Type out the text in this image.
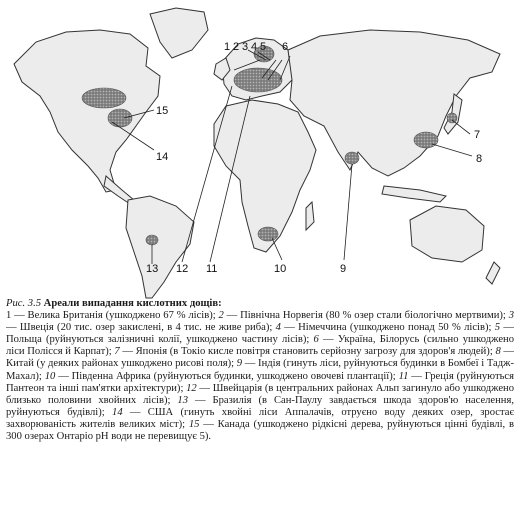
1 2 3 4 5 6
7
8
9
10
11
12
13
14
15
Рис. 3.5 Ареали випадання кислотних дощів:
1 — Велика Британія (ушкоджено 67 % лісів); 2 — Північна Норвегія (80 % озер стали біологічно мертвими); 3 — Швеція (20 тис. озер закислені, в 4 тис. не живе риба); 4 — Німеччина (ушкоджено понад 50 % лісів); 5 — Польща (руйнуються залізничні колії, ушкоджено частину лісів); 6 — Україна, Білорусь (сильно ушкоджено ліси Полісся й Карпат); 7 — Японія (в Токіо кисле повітря становить серйозну загрозу для здоров'я людей); 8 — Китай (у деяких районах ушкоджено рисові поля); 9 — Індія (гинуть ліси, руйнуються будинки в Бомбеї і Тадж-Махал); 10 — Південна Африка (руйнуються будинки, ушкоджено овочеві плантації); 11 — Греція (руйнуються Пантеон та інші пам'ятки архітектури); 12 — Швейцарія (в центральних районах Альп загинуло або ушкоджено близько половини хвойних лісів); 13 — Бразилія (в Сан-Паулу завдається шкода здоров'ю населення, руйнуються будівлі); 14 — США (гинуть хвойні ліси Аппалачів, отруєно воду деяких озер, зростає захворюваність жителів великих міст); 15 — Канада (ушкоджено рідкісні дерева, руйнуються цінні будівлі, в 300 озерах Онтаріо pH води не перевищує 5).
